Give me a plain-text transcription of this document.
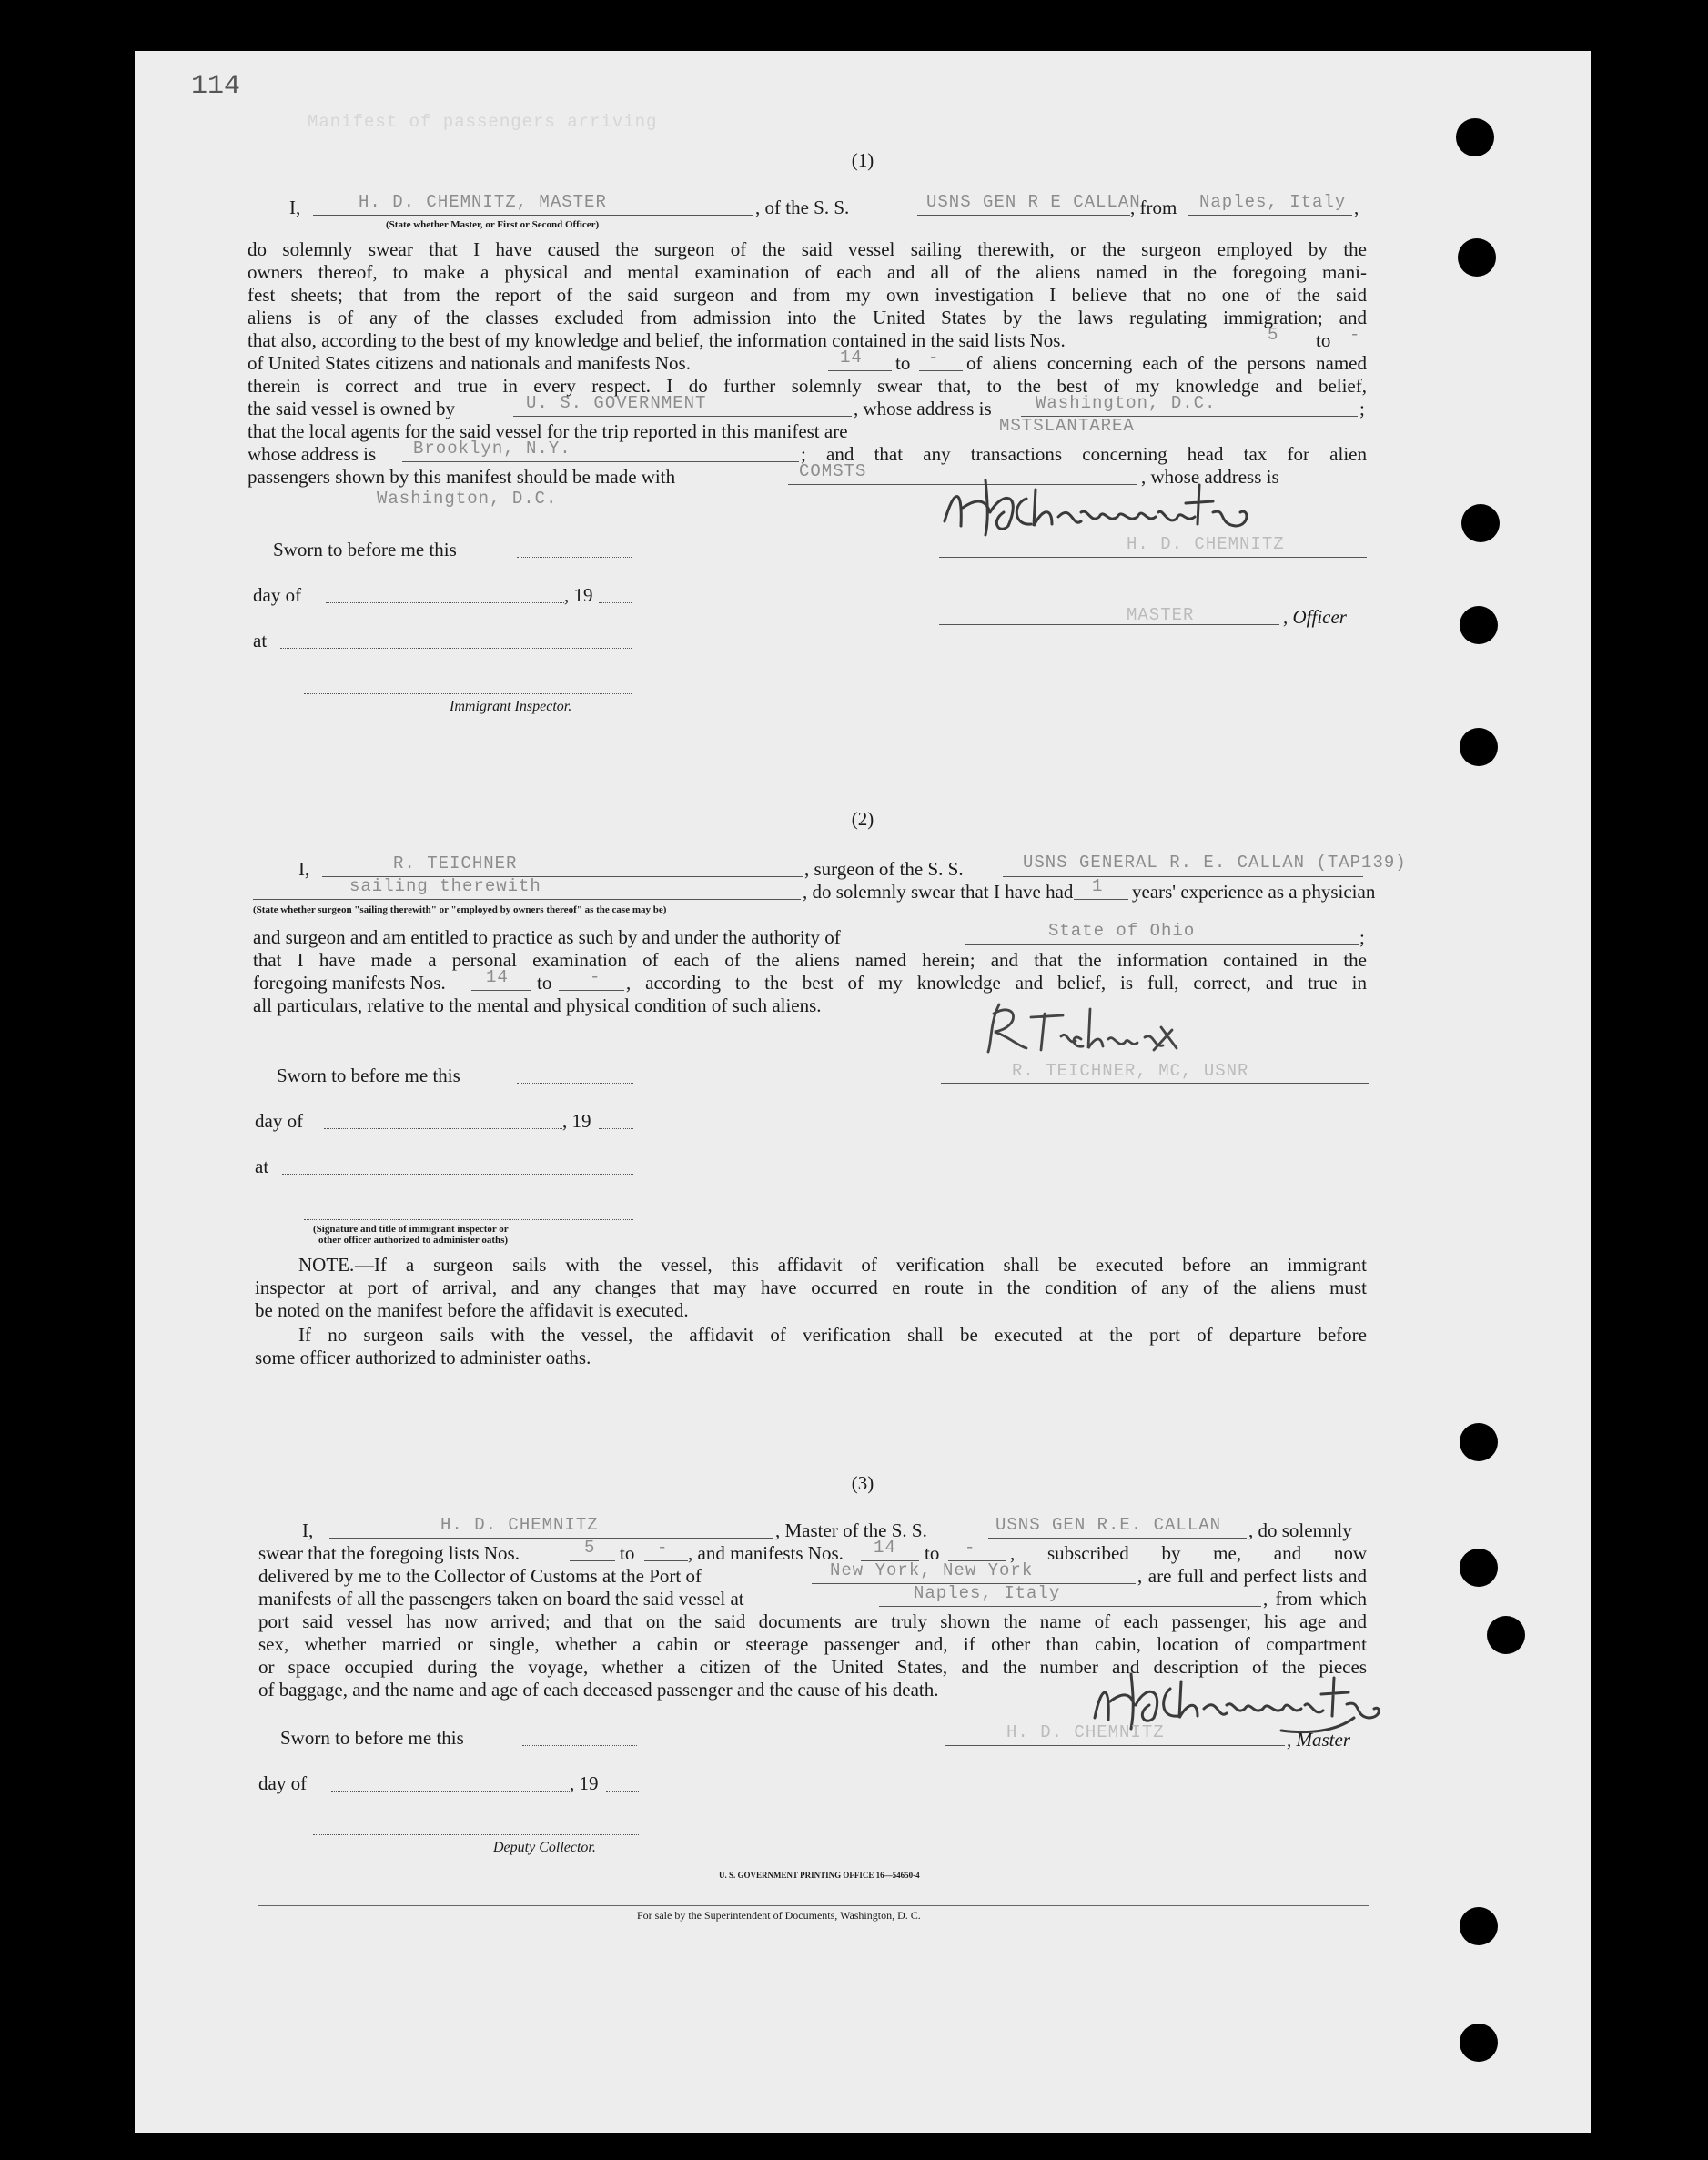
114
Manifest of passengers arriving
(1)
I,	H. D. CHEMNITZ, MASTER
(State whether Master, or First or Second Officer)
, of the S. S.	USNS GEN R E CALLAN
, from Naples, Italy ,
do solemnly swear that I have caused the surgeon of the said vessel sailing therewith, or the surgeon employed by the
owners thereof, to make a physical and mental examination of each and all of the aliens named in the foregoing mani-
fest sheets; that from the report of the said surgeon and from my own investigation I believe that no one of the said
aliens is of any of the classes excluded from admission into the United States by the laws regulating immigration; and
that also, according to the best of my knowledge and belief, the information contained in the said lists Nos.	5 to -
of United States citizens and nationals and manifests Nos.	14 to - of aliens concerning each of the persons named
therein is correct and true in every respect. I do further solemnly swear that, to the best of my knowledge and belief,
the said vessel is owned by	U. S. GOVERNMENT	, whose address is	Washington, D.C.	;
that the local agents for the said vessel for the trip reported in this manifest are	MSTSLANTAREA
whose address is Brooklyn, N.Y.	; and that any transactions concerning head tax for alien
passengers shown by this manifest should be made with	COMSTS	, whose address is
Washington, D.C.
Sworn to before me this
day of	, 19
at
Immigrant Inspector.
H. D. CHEMNITZ
MASTER	, Officer
(2)
I,	R. TEICHNER	, surgeon of the S. S.	USNS GENERAL R. E. CALLAN (TAP139)
sailing therewith	, do solemnly swear that I have had 1 years' experience as a physician
(State whether surgeon "sailing therewith" or "employed by owners thereof" as the case may be)
and surgeon and am entitled to practice as such by and under the authority of	State of Ohio	;
that I have made a personal examination of each of the aliens named herein; and that the information contained in the
foregoing manifests Nos. 14 to - , according to the best of my knowledge and belief, is full, correct, and true in
all particulars, relative to the mental and physical condition of such aliens.
R. TEICHNER, MC, USNR
Sworn to before me this
day of	, 19
at
(Signature and title of immigrant inspector or
other officer authorized to administer oaths)
NOTE. —If a surgeon sails with the vessel, this affidavit of verification shall be executed before an immigrant
inspector at port of arrival, and any changes that may have occurred en route in the condition of any of the aliens must
be noted on the manifest before the affidavit is executed.
If no surgeon sails with the vessel, the affidavit of verification shall be executed at the port of departure before
some officer authorized to administer oaths.
(3)
I,	H. D. CHEMNITZ	, Master of the S. S.	USNS GEN R.E. CALLAN , do solemnly
swear that the foregoing lists Nos.	5 to - , and manifests Nos. 14 to - , subscribed by me, and now
delivered by me to the Collector of Customs at the Port of	New York, New York	, are full and perfect lists and
manifests of all the passengers taken on board the said vessel at	Naples, Italy	, from which
port said vessel has now arrived; and that on the said documents are truly shown the name of each passenger, his age and
sex, whether married or single, whether a cabin or steerage passenger and, if other than cabin, location of compartment
or space occupied during the voyage, whether a citizen of the United States, and the number and description of the pieces
of baggage, and the name and age of each deceased passenger and the cause of his death.
Sworn to before me this
day of	, 19
Deputy Collector.
H. D. CHEMNITZ	, Master
U. S. GOVERNMENT PRINTING OFFICE 16—54650-4
For sale by the Superintendent of Documents, Washington, D. C.
